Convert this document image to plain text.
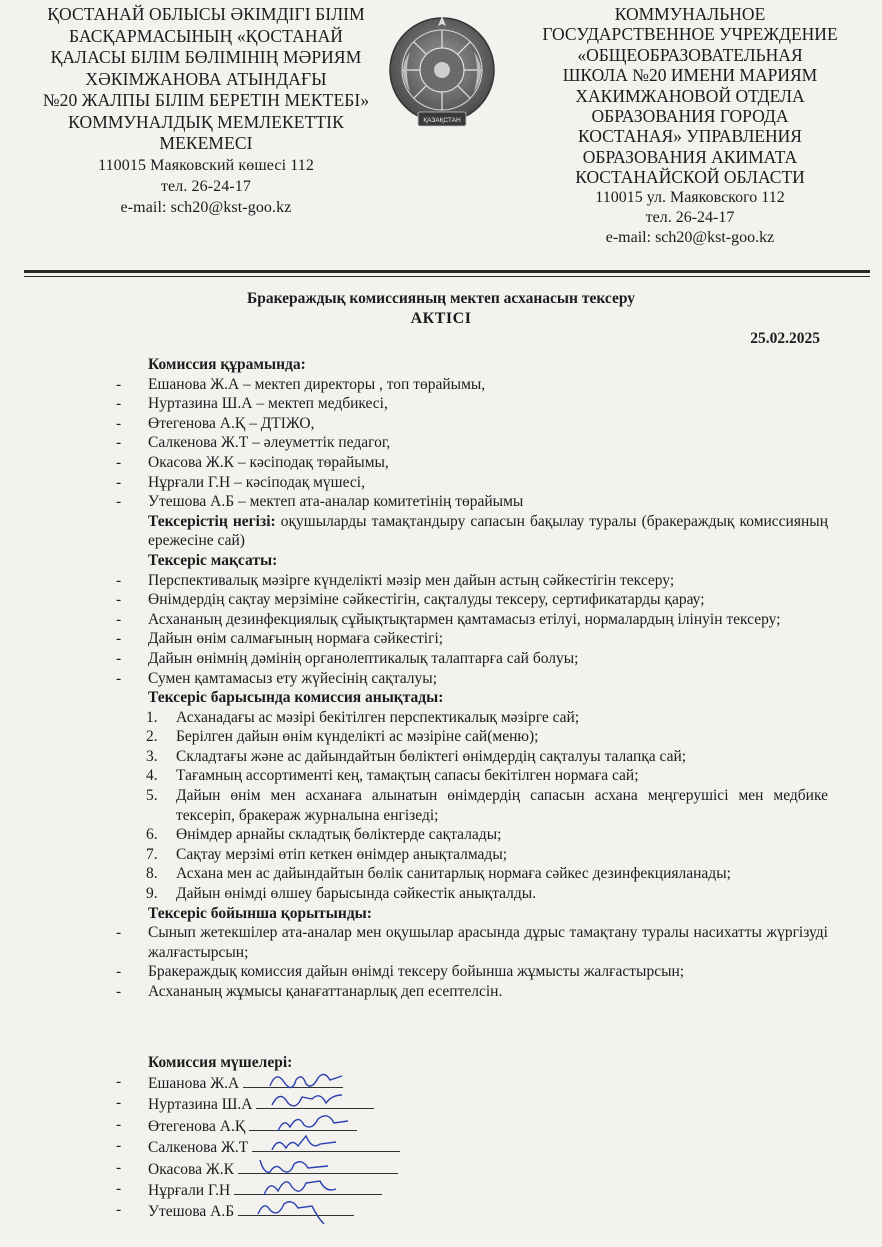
ҚОСТАНАЙ ОБЛЫСЫ ӘКІМДІГІ БІЛІМ
БАСҚАРМАСЫНЫҢ «ҚОСТАНАЙ
ҚАЛАСЫ БІЛІМ БӨЛІМІНІҢ МӘРИЯМ
ХӘКІМЖАНОВА АТЫНДАҒЫ
№20 ЖАЛПЫ БІЛІМ БЕРЕТІН МЕКТЕБІ»
КОММУНАЛДЫҚ МЕМЛЕКЕТТІК
МЕКЕМЕСІ
110015 Маяковский көшесі 112
тел. 26-24-17
e-mail: sch20@kst-goo.kz
ҚАЗАҚСТАН
КОММУНАЛЬНОЕ
ГОСУДАРСТВЕННОЕ УЧРЕЖДЕНИЕ
«ОБЩЕОБРАЗОВАТЕЛЬНАЯ
ШКОЛА №20 ИМЕНИ МАРИЯМ
ХАКИМЖАНОВОЙ ОТДЕЛА
ОБРАЗОВАНИЯ ГОРОДА
КОСТАНАЯ» УПРАВЛЕНИЯ
ОБРАЗОВАНИЯ АКИМАТА
КОСТАНАЙСКОЙ ОБЛАСТИ
110015 ул. Маяковского 112
тел. 26-24-17
e-mail: sch20@kst-goo.kz
Бракераждық комиссияның мектеп асханасын тексеру
АКТІСІ
25.02.2025
Комиссия құрамында:
- Ешанова Ж.А – мектеп директоры , топ төрайымы,
- Нуртазина Ш.А – мектеп медбикесі,
- Өтегенова А.Қ – ДТІЖО,
- Салкенова Ж.Т – әлеуметтік педагог,
- Окасова Ж.К – кәсіподақ төрайымы,
- Нұрғали Г.Н – кәсіподақ мүшесі,
- Утешова А.Б – мектеп ата-аналар комитетінің төрайымы
Тексерістің негізі: оқушыларды тамақтандыру сапасын бақылау туралы (бракераждық комиссияның ережесіне сай)
Тексеріс мақсаты:
- Перспективалық мәзірге күнделікті мәзір мен дайын астың сәйкестігін тексеру;
- Өнімдердің сақтау мерзіміне сәйкестігін, сақталуды тексеру, сертификатарды қарау;
- Асхананың дезинфекциялық сұйықтықтармен қамтамасыз етілуі, нормалардың ілінуін тексеру;
- Дайын өнім салмағының нормаға сәйкестігі;
- Дайын өнімнің дәмінің органолептикалық талаптарға сай болуы;
- Сумен қамтамасыз ету жүйесінің сақталуы;
Тексеріс барысында комиссия анықтады:
1. Асханадағы ас мәзірі бекітілген перспектикалық мәзірге сай;
2. Берілген дайын өнім күнделікті ас мәзіріне сай(меню);
3. Складтағы және ас дайындайтын бөліктегі өнімдердің сақталуы талапқа сай;
4. Тағамның ассортименті кең, тамақтың сапасы бекітілген нормаға сай;
5. Дайын өнім мен асханаға алынатын өнімдердің сапасын асхана меңгерушісі мен медбике тексеріп, бракераж журналына енгізеді;
6. Өнімдер арнайы складтық бөліктерде сақталады;
7. Сақтау мерзімі өтіп кеткен өнімдер анықталмады;
8. Асхана мен ас дайындайтын бөлік санитарлық нормаға сәйкес дезинфекцияланады;
9. Дайын өнімді өлшеу барысында сәйкестік анықталды.
Тексеріс бойынша қорытынды:
- Сынып жетекшілер ата-аналар мен оқушылар арасында дұрыс тамақтану туралы насихатты жүргізуді жалғастырсын;
- Бракераждық комиссия дайын өнімді тексеру бойынша жұмысты жалғастырсын;
- Асхананың жұмысы қанағаттанарлық деп есептелсін.
Комиссия мүшелері:
- Ешанова Ж.А
- Нуртазина Ш.А
- Өтегенова А.Қ
- Салкенова Ж.Т
- Окасова Ж.К
- Нұрғали Г.Н
- Утешова А.Б
